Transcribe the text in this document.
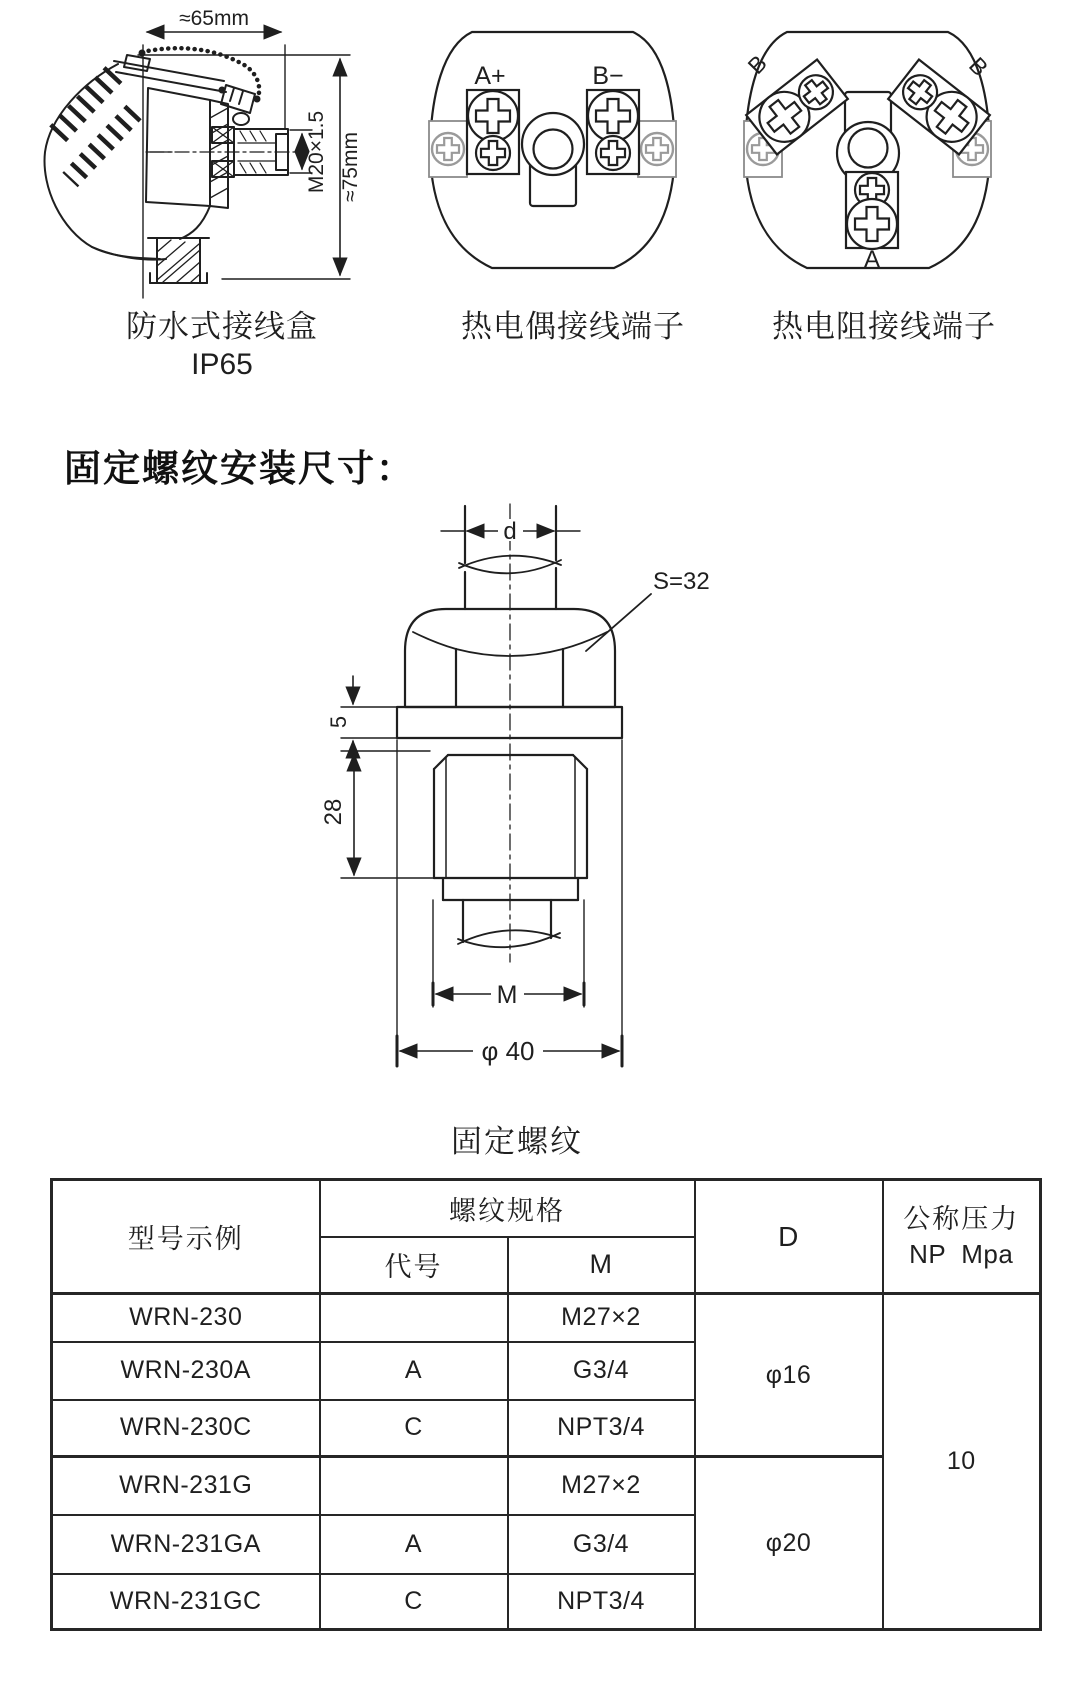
≈65mm
≈75mm
M20×1.5
A+	B−	B	B
A
防水式接线盒
IP65
热电偶接线端子	热电阻接线端子
固定螺纹安装尺寸：
d
S=32
5
28
M
φ 40
固定螺纹
型号示例	螺纹规格		D	公称压力
NP  Mpa

	代号	M		
WRN-230		M27×2	φ16	10
WRN-230A	A	G3/4		
WRN-230C	C	NPT3/4		
WRN-231G		M27×2	φ20	
WRN-231GA	A	G3/4		
WRN-231GC	C	NPT3/4		
